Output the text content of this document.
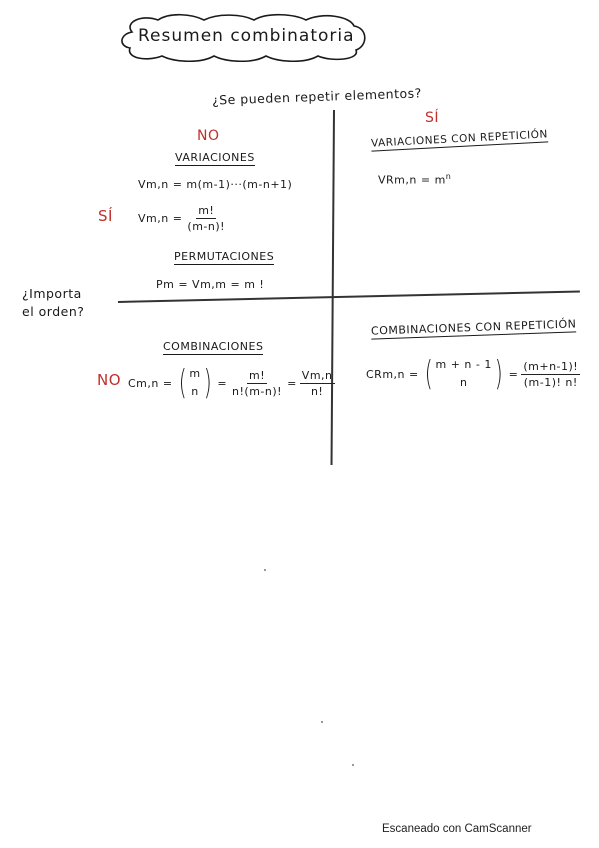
Resumen combinatoria
¿Se pueden repetir elementos?
¿Importa
el orden?
NO
SÍ
SÍ
NO
VARIACIONES
Vm,n = m(m-1)···(m-n+1)
$Vm,n = \frac{m!}{(m-n)!}$
PERMUTACIONES
Pm = Vm,m = m !
VARIACIONES CON REPETICIÓN
$VRm,n = m^n$
COMBINACIONES
Cm,n = ( m
n ) = $\frac{m!}{n!(m-n)!} = \frac{Vm,n}{n!}$
COMBINACIONES CON REPETICIÓN
CRm,n = ( m + n - 1
n ) = $\frac{(m+n-1)!}{(m-1)! n!}$
Escaneado con CamScanner
